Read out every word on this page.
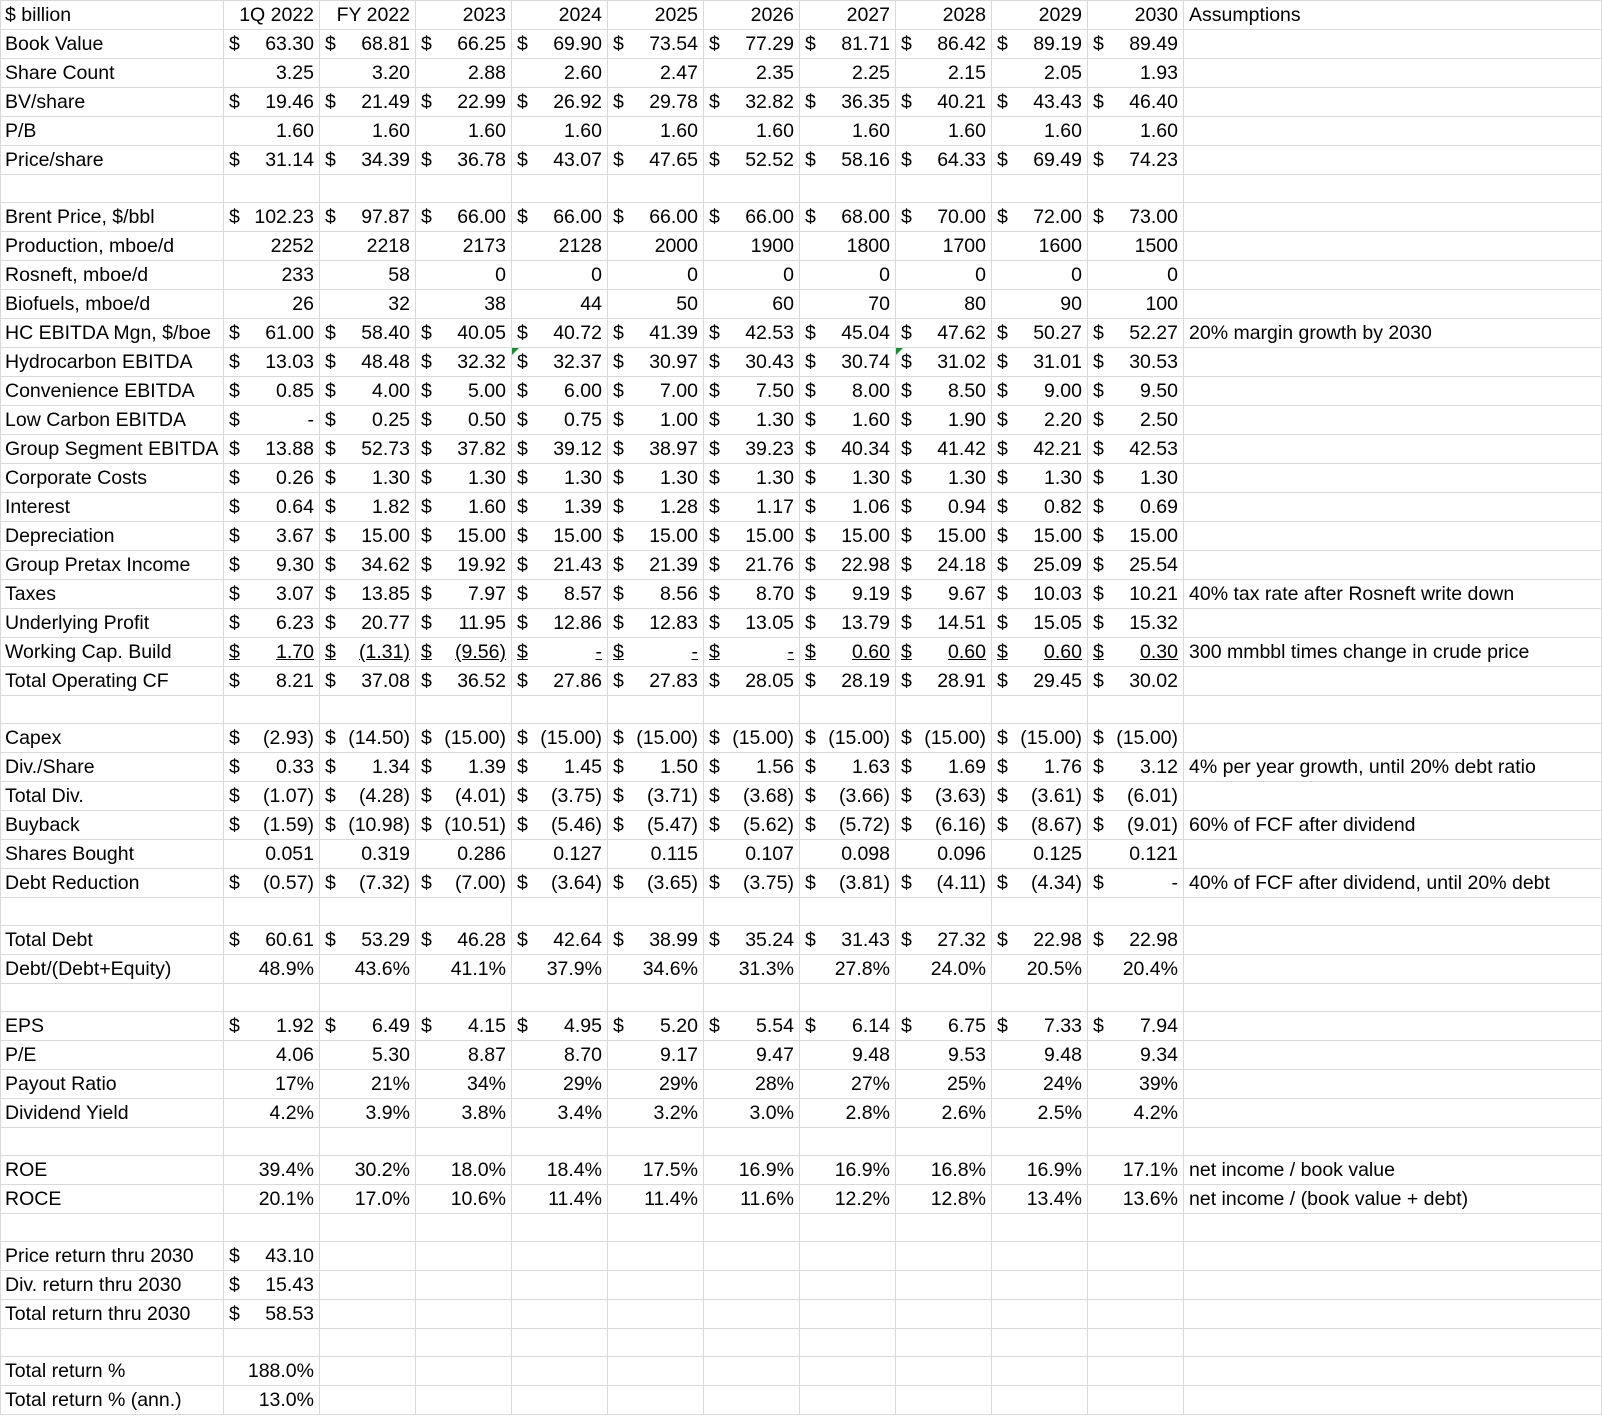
$ billion	1Q 2022	FY 2022	2023	2024	2025	2026	2027	2028	2029	2030	Assumptions
Book Value	$ 63.30	$ 68.81	$ 66.25	$ 69.90	$ 73.54	$ 77.29	$ 81.71	$ 86.42	$ 89.19	$ 89.49	

Share Count	3.25	3.20	2.88	2.60	2.47	2.35	2.25	2.15	2.05	1.93	
BV/share	$ 19.46	$ 21.49	$ 22.99	$ 26.92	$ 29.78	$ 32.82	$ 36.35	$ 40.21	$ 43.43	$ 46.40	

P/B	1.60	1.60	1.60	1.60	1.60	1.60	1.60	1.60	1.60	1.60	
Price/share	$ 31.14	$ 34.39	$ 36.78	$ 43.07	$ 47.65	$ 52.52	$ 58.16	$ 64.33	$ 69.49	$ 74.23	

Brent Price, $/bbl	$ 102.23	$ 97.87	$ 66.00	$ 66.00	$ 66.00	$ 66.00	$ 68.00	$ 70.00	$ 72.00	$ 73.00	

Production, mboe/d	2252	2218	2173	2128	2000	1900	1800	1700	1600	1500	
Rosneft, mboe/d	233	58	0	0	0	0	0	0	0	0	
Biofuels, mboe/d	26	32	38	44	50	60	70	80	90	100	
HC EBITDA Mgn, $/boe	$ 61.00	$ 58.40	$ 40.05	$ 40.72	$ 41.39	$ 42.53	$ 45.04	$ 47.62	$ 50.27	$ 52.27	20% margin growth by 2030
Hydrocarbon EBITDA	$ 13.03	$ 48.48	$ 32.32	$ 32.37	$ 30.97	$ 30.43	$ 30.74	$ 31.02	$ 31.01	$ 30.53	

Convenience EBITDA	$ 0.85	$ 4.00	$ 5.00	$ 6.00	$ 7.00	$ 7.50	$ 8.00	$ 8.50	$ 9.00	$ 9.50	

Low Carbon EBITDA	$ -	$ 0.25	$ 0.50	$ 0.75	$ 1.00	$ 1.30	$ 1.60	$ 1.90	$ 2.20	$ 2.50	

Group Segment EBITDA	$ 13.88	$ 52.73	$ 37.82	$ 39.12	$ 38.97	$ 39.23	$ 40.34	$ 41.42	$ 42.21	$ 42.53	

Corporate Costs	$ 0.26	$ 1.30	$ 1.30	$ 1.30	$ 1.30	$ 1.30	$ 1.30	$ 1.30	$ 1.30	$ 1.30	

Interest	$ 0.64	$ 1.82	$ 1.60	$ 1.39	$ 1.28	$ 1.17	$ 1.06	$ 0.94	$ 0.82	$ 0.69	

Depreciation	$ 3.67	$ 15.00	$ 15.00	$ 15.00	$ 15.00	$ 15.00	$ 15.00	$ 15.00	$ 15.00	$ 15.00	

Group Pretax Income	$ 9.30	$ 34.62	$ 19.92	$ 21.43	$ 21.39	$ 21.76	$ 22.98	$ 24.18	$ 25.09	$ 25.54	

Taxes	$ 3.07	$ 13.85	$ 7.97	$ 8.57	$ 8.56	$ 8.70	$ 9.19	$ 9.67	$ 10.03	$ 10.21	40% tax rate after Rosneft write down
Underlying Profit	$ 6.23	$ 20.77	$ 11.95	$ 12.86	$ 12.83	$ 13.05	$ 13.79	$ 14.51	$ 15.05	$ 15.32	

Working Cap. Build	$ 1.70	$ (1.31)	$ (9.56)	$ -	$ -	$ -	$ 0.60	$ 0.60	$ 0.60	$ 0.30	300 mmbbl times change in crude price
Total Operating CF	$ 8.21	$ 37.08	$ 36.52	$ 27.86	$ 27.83	$ 28.05	$ 28.19	$ 28.91	$ 29.45	$ 30.02	

Capex	$ (2.93)	$ (14.50)	$ (15.00)	$ (15.00)	$ (15.00)	$ (15.00)	$ (15.00)	$ (15.00)	$ (15.00)	$ (15.00)	

Div./Share	$ 0.33	$ 1.34	$ 1.39	$ 1.45	$ 1.50	$ 1.56	$ 1.63	$ 1.69	$ 1.76	$ 3.12	4% per year growth, until 20% debt ratio
Total Div.	$ (1.07)	$ (4.28)	$ (4.01)	$ (3.75)	$ (3.71)	$ (3.68)	$ (3.66)	$ (3.63)	$ (3.61)	$ (6.01)	

Buyback	$ (1.59)	$ (10.98)	$ (10.51)	$ (5.46)	$ (5.47)	$ (5.62)	$ (5.72)	$ (6.16)	$ (8.67)	$ (9.01)	60% of FCF after dividend
Shares Bought	0.051	0.319	0.286	0.127	0.115	0.107	0.098	0.096	0.125	0.121	
Debt Reduction	$ (0.57)	$ (7.32)	$ (7.00)	$ (3.64)	$ (3.65)	$ (3.75)	$ (3.81)	$ (4.11)	$ (4.34)	$ -	40% of FCF after dividend, until 20% debt

Total Debt	$ 60.61	$ 53.29	$ 46.28	$ 42.64	$ 38.99	$ 35.24	$ 31.43	$ 27.32	$ 22.98	$ 22.98	

Debt/(Debt+Equity)	48.9%	43.6%	41.1%	37.9%	34.6%	31.3%	27.8%	24.0%	20.5%	20.4%	

EPS	$ 1.92	$ 6.49	$ 4.15	$ 4.95	$ 5.20	$ 5.54	$ 6.14	$ 6.75	$ 7.33	$ 7.94	

P/E	4.06	5.30	8.87	8.70	9.17	9.47	9.48	9.53	9.48	9.34	
Payout Ratio	17%	21%	34%	29%	29%	28%	27%	25%	24%	39%	
Dividend Yield	4.2%	3.9%	3.8%	3.4%	3.2%	3.0%	2.8%	2.6%	2.5%	4.2%	

ROE	39.4%	30.2%	18.0%	18.4%	17.5%	16.9%	16.9%	16.8%	16.9%	17.1%	net income / book value
ROCE	20.1%	17.0%	10.6%	11.4%	11.4%	11.6%	12.2%	12.8%	13.4%	13.6%	net income / (book value + debt)

Price return thru 2030	$ 43.10										

Div. return thru 2030	$ 15.43										

Total return thru 2030	$ 58.53										

Total return %	188.0%										
Total return % (ann.)	13.0%										
